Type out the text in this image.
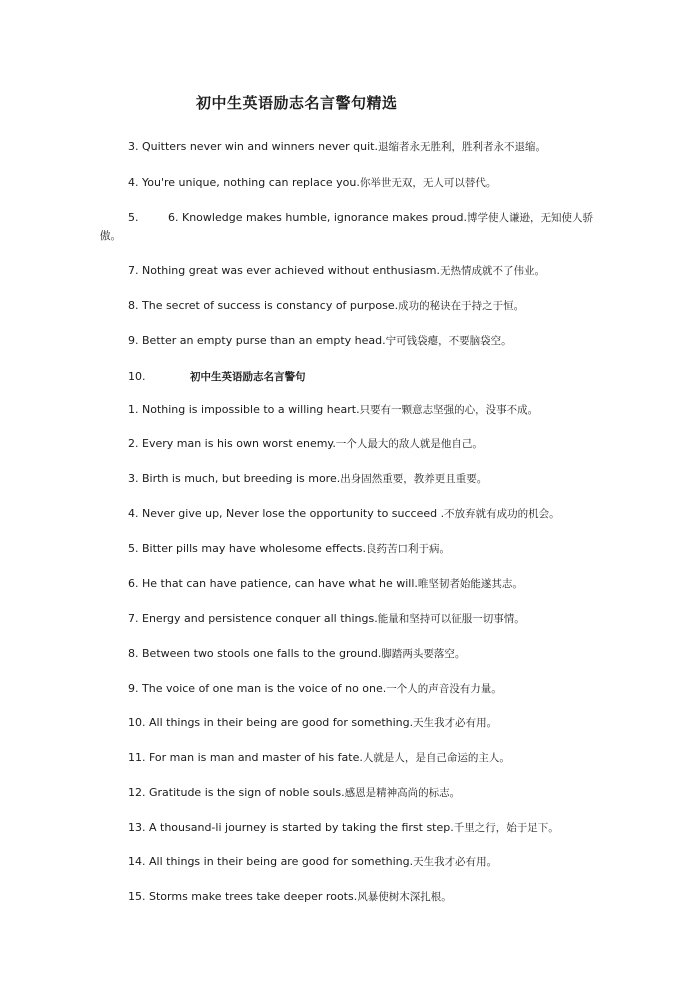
初中生英语励志名言警句精选
3. Quitters never win and winners never quit.退缩者永无胜利，胜利者永不退缩。
4. You're unique, nothing can replace you.你举世无双，无人可以替代。
5.	6. Knowledge makes humble, ignorance makes proud.博学使人谦逊，无知使人骄
傲。
7. Nothing great was ever achieved without enthusiasm.无热情成就不了伟业。
8. The secret of success is constancy of purpose.成功的秘诀在于持之于恒。
9. Better an empty purse than an empty head.宁可钱袋瘪，不要脑袋空。
10.	初中生英语励志名言警句
1. Nothing is impossible to a willing heart.只要有一颗意志坚强的心，没事不成。
2. Every man is his own worst enemy.一个人最大的敌人就是他自己。
3. Birth is much, but breeding is more.出身固然重要，教养更且重要。
4. Never give up, Never lose the opportunity to succeed .不放弃就有成功的机会。
5. Bitter pills may have wholesome effects.良药苦口利于病。
6. He that can have patience, can have what he will.唯坚韧者始能遂其志。
7. Energy and persistence conquer all things.能量和坚持可以征服一切事情。
8. Between two stools one falls to the ground.脚踏两头要落空。
9. The voice of one man is the voice of no one.一个人的声音没有力量。
10. All things in their being are good for something.天生我才必有用。
11. For man is man and master of his fate.人就是人，是自己命运的主人。
12. Gratitude is the sign of noble souls.感恩是精神高尚的标志。
13. A thousand-li journey is started by taking the first step.千里之行，始于足下。
14. All things in their being are good for something.天生我才必有用。
15. Storms make trees take deeper roots.风暴使树木深扎根。
